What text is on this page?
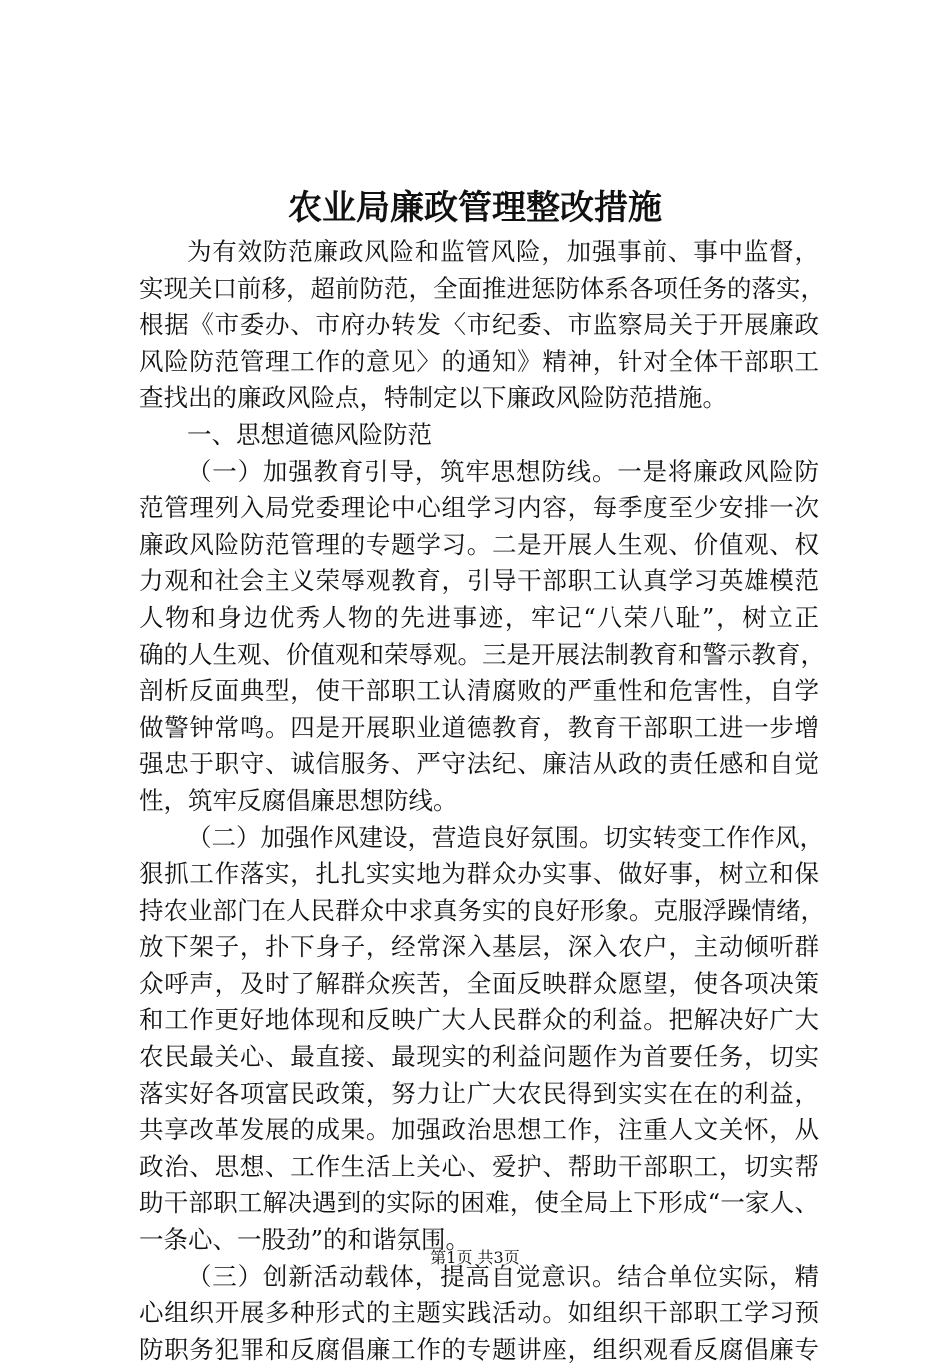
农业局廉政管理整改措施
为有效防范廉政风险和监管风险，加强事前、事中监督，
实现关口前移，超前防范，全面推进惩防体系各项任务的落实，
根据《市委办、市府办转发〈市纪委、市监察局关于开展廉政
风险防范管理工作的意见〉的通知》精神，针对全体干部职工
查找出的廉政风险点，特制定以下廉政风险防范措施。
一、思想道德风险防范
（一）加强教育引导，筑牢思想防线。一是将廉政风险防
范管理列入局党委理论中心组学习内容，每季度至少安排一次
廉政风险防范管理的专题学习。二是开展人生观、价值观、权
力观和社会主义荣辱观教育，引导干部职工认真学习英雄模范
人物和身边优秀人物的先进事迹，牢记“八荣八耻”，树立正
确的人生观、价值观和荣辱观。三是开展法制教育和警示教育，
剖析反面典型，使干部职工认清腐败的严重性和危害性，自学
做警钟常鸣。四是开展职业道德教育，教育干部职工进一步增
强忠于职守、诚信服务、严守法纪、廉洁从政的责任感和自觉
性，筑牢反腐倡廉思想防线。
（二）加强作风建设，营造良好氛围。切实转变工作作风，
狠抓工作落实，扎扎实实地为群众办实事、做好事，树立和保
持农业部门在人民群众中求真务实的良好形象。克服浮躁情绪，
放下架子，扑下身子，经常深入基层，深入农户，主动倾听群
众呼声，及时了解群众疾苦，全面反映群众愿望，使各项决策
和工作更好地体现和反映广大人民群众的利益。把解决好广大
农民最关心、最直接、最现实的利益问题作为首要任务，切实
落实好各项富民政策，努力让广大农民得到实实在在的利益，
共享改革发展的成果。加强政治思想工作，注重人文关怀，从
政治、思想、工作生活上关心、爱护、帮助干部职工，切实帮
助干部职工解决遇到的实际的困难，使全局上下形成“一家人、
一条心、一股劲”的和谐氛围。
（三）创新活动载体，提高自觉意识。结合单位实际，精
心组织开展多种形式的主题实践活动。如组织干部职工学习预
防职务犯罪和反腐倡廉工作的专题讲座，组织观看反腐倡廉专
第1页 共3页
